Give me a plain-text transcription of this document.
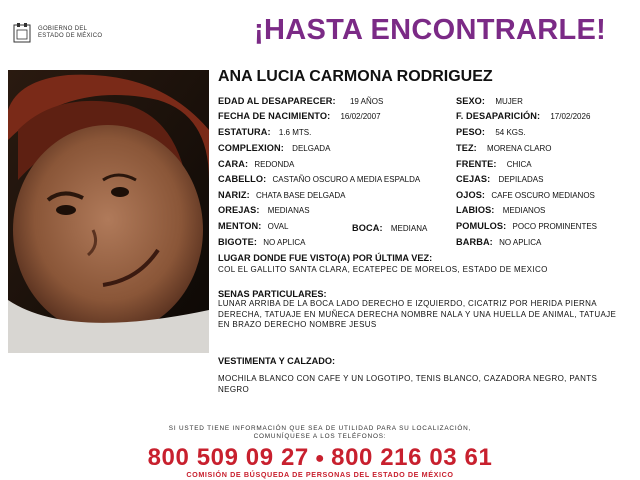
GOBIERNO DEL
ESTADO DE MÉXICO	¡HASTA ENCONTRARLE!
ANA LUCIA CARMONA RODRIGUEZ
EDAD AL DESAPARECER: 19 AÑOS
FECHA DE NACIMIENTO: 16/02/2007
ESTATURA: 1.6 MTS.
COMPLEXION: DELGADA
CARA: REDONDA
CABELLO: CASTAÑO OSCURO A MEDIA ESPALDA
NARIZ: CHATA BASE DELGADA
OREJAS: MEDIANAS
MENTON: OVAL	BOCA: MEDIANA
BIGOTE: NO APLICA
SEXO: MUJER
F. DESAPARICIÓN: 17/02/2026
PESO: 54 KGS.
TEZ: MORENA CLARO
FRENTE: CHICA
CEJAS: DEPILADAS
OJOS: CAFE OSCURO MEDIANOS
LABIOS: MEDIANOS
POMULOS: POCO PROMINENTES
BARBA: NO APLICA
LUGAR DONDE FUE VISTO(A) POR ÚLTIMA VEZ:
COL EL GALLITO SANTA CLARA, ECATEPEC DE MORELOS, ESTADO DE MEXICO
SENAS PARTICULARES:
LUNAR ARRIBA DE LA BOCA LADO DERECHO E IZQUIERDO, CICATRIZ POR HERIDA PIERNA DERECHA, TATUAJE EN MUÑECA DERECHA NOMBRE NALA Y UNA HUELLA DE ANIMAL, TATUAJE EN BRAZO DERECHO NOMBRE JESUS
VESTIMENTA Y CALZADO:
MOCHILA BLANCO CON CAFE Y UN LOGOTIPO, TENIS BLANCO, CAZADORA NEGRO, PANTS NEGRO
SI USTED TIENE INFORMACIÓN QUE SEA DE UTILIDAD PARA SU LOCALIZACIÓN,
COMUNÍQUESE A LOS TELÉFONOS:
800 509 09 27 ● 800 216 03 61
COMISIÓN DE BÚSQUEDA DE PERSONAS DEL ESTADO DE MÉXICO
